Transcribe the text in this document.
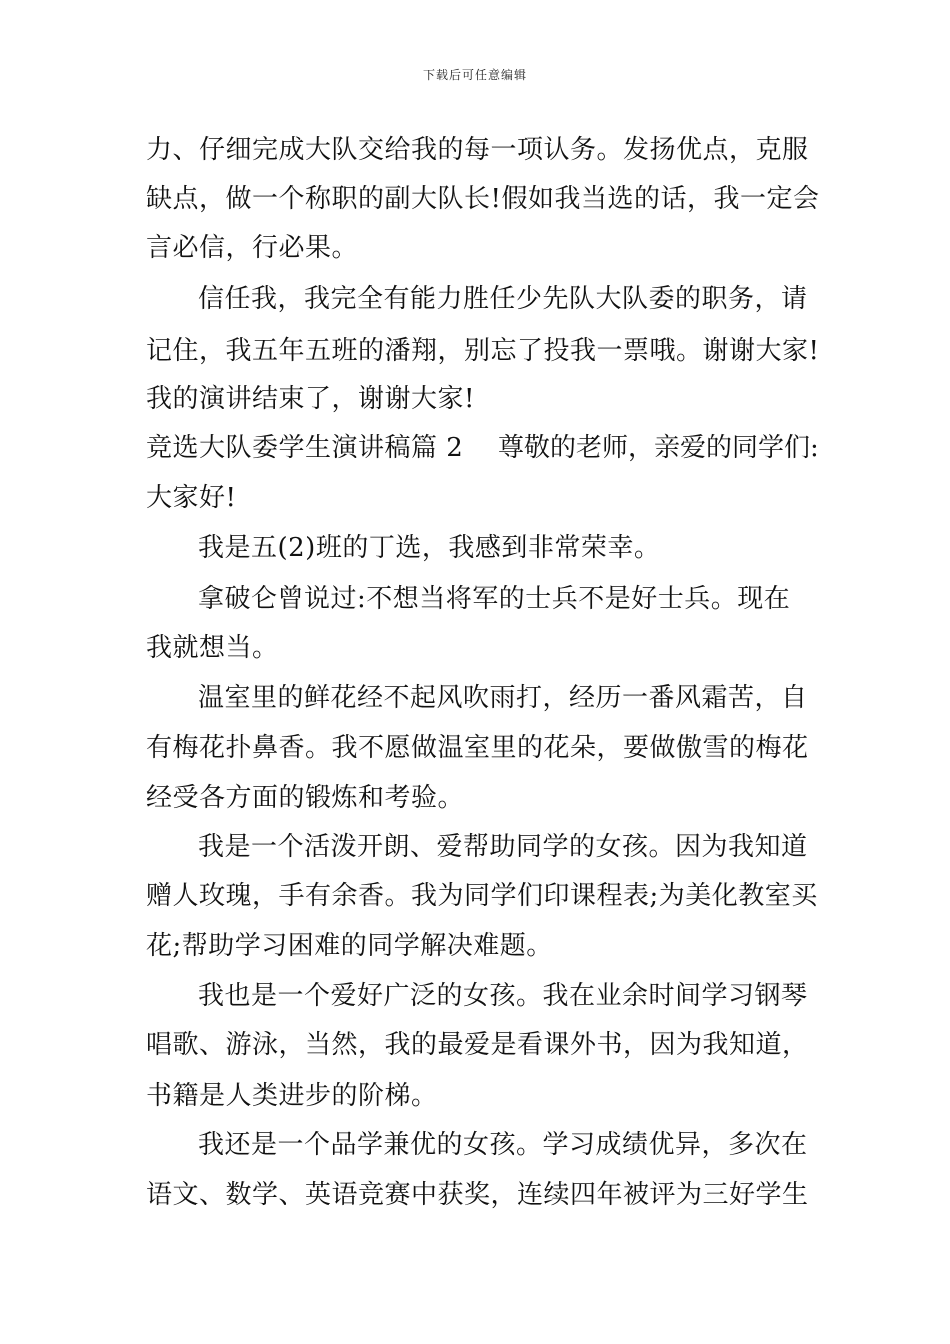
下载后可任意编辑
力、仔细完成大队交给我的每一项认务。发扬优点，克服
缺点，做一个称职的副大队长!假如我当选的话，我一定会
言必信，行必果。
信任我，我完全有能力胜任少先队大队委的职务，请
记住，我五年五班的潘翔，别忘了投我一票哦。谢谢大家!
我的演讲结束了，谢谢大家!
竞选大队委学生演讲稿篇 2 尊敬的老师，亲爱的同学们:
大家好!
我是五(2)班的丁选，我感到非常荣幸。
拿破仑曾说过:不想当将军的士兵不是好士兵。现在
我就想当。
温室里的鲜花经不起风吹雨打，经历一番风霜苦，自
有梅花扑鼻香。我不愿做温室里的花朵，要做傲雪的梅花
经受各方面的锻炼和考验。
我是一个活泼开朗、爱帮助同学的女孩。因为我知道
赠人玫瑰，手有余香。我为同学们印课程表;为美化教室买
花;帮助学习困难的同学解决难题。
我也是一个爱好广泛的女孩。我在业余时间学习钢琴
唱歌、游泳，当然，我的最爱是看课外书，因为我知道，
书籍是人类进步的阶梯。
我还是一个品学兼优的女孩。学习成绩优异，多次在
语文、数学、英语竞赛中获奖，连续四年被评为三好学生
